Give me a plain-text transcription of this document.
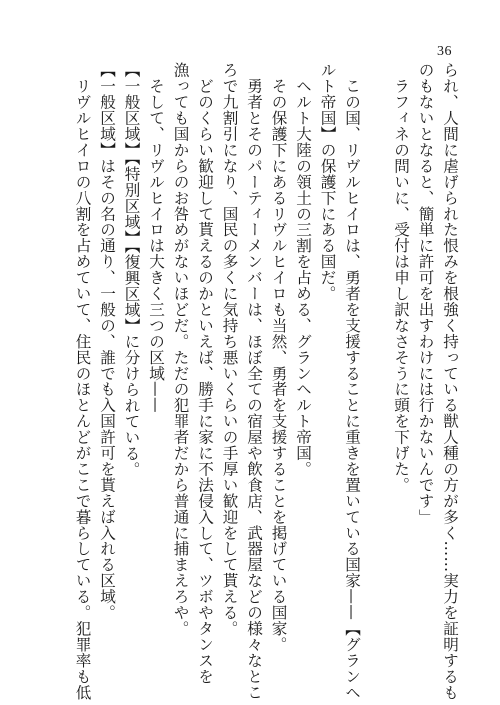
36
られ、人間に虐げられた恨みを根強く持っている獣人種の方が多く……実力を証明するも
のもないとなると、簡単に許可を出すわけには行かないんです」
　ラフィネの問いに、受付は申し訳なさそうに頭を下げた。
　この国、リヴルヒイロは、勇者を支援することに重きを置いている国家——【グランヘ
ルト帝国】の保護下にある国だ。
　ヘルト大陸の領土の三割を占める、グランヘルト帝国。
　その保護下にあるリヴルヒイロも当然、勇者を支援することを掲げている国家。
　勇者とそのパーティーメンバーは、ほぼ全ての宿屋や飲食店、武器屋などの様々なとこ
ろで九割引になり、国民の多くに気持ち悪いくらいの手厚い歓迎をして貰える。
　どのくらい歓迎して貰えるのかといえば、勝手に家に不法侵入して、ツボやタンスを
漁っても国からのお咎めがないほどだ。ただの犯罪者だから普通に捕まえろや。
　そして、リヴルヒイロは大きく三つの区域——
【一般区域】【特別区域】【復興区域】に分けられている。
【一般区域】はその名の通り、一般の、誰でも入国許可を貰えば入れる区域。
　リヴルヒイロの八割を占めていて、住民のほとんどがここで暮らしている。犯罪率も低
